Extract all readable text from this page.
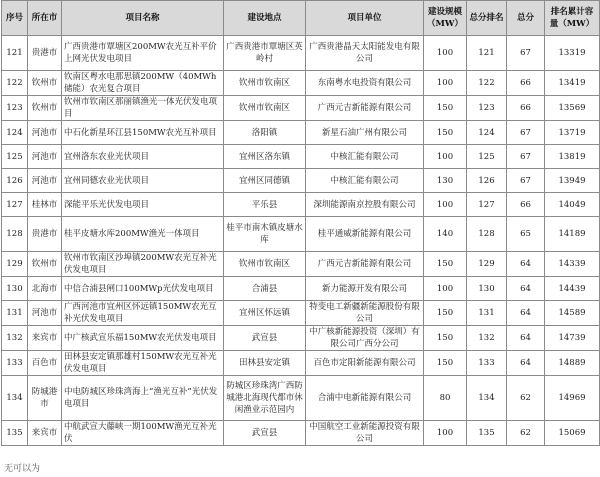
序号	所在市	项目名称	建设地点	项目单位	建设规模（MW）	总分排名	总分	排名累计容量（MW）
121	贵港市	广西贵港市覃塘区200MW农光互补平价上网光伏发电项目	广西贵港市覃塘区英岭村	广西贵港晶天太阳能发电有限公司	100	121	67	13319
122	钦州市	钦南区粤水电那思镇200MW（40MWh储能）农光复合项目	钦州市钦南区	东南粤水电投资有限公司	100	122	66	13419
123	钦州市	钦州市钦南区那丽镇渔光一体光伏发电项目	钦州市钦南区	广西元吉新能源有限公司	150	123	66	13569
124	河池市	中石化新星环江县150MW农光互补项目	洛阳镇	新星石油广州有限公司	150	124	67	13719
125	河池市	宜州洛东农业光伏项目	宜州区洛东镇	中核汇能有限公司	100	125	67	13819
126	河池市	宜州同德农业光伏项目	宜州区同德镇	中核汇能有限公司	130	126	67	13949
127	桂林市	深能平乐光伏发电项目	平乐县	深圳能源南京控股有限公司	100	127	66	14049
128	贵港市	桂平皮塘水库200MW渔光一体项目	桂平市南木镇皮塘水库	桂平通威新能源有限公司	140	128	65	14189
129	钦州市	钦州市钦南区沙埠镇200MW农光互补光伏发电项目	钦州市钦南区	广西元吉新能源有限公司	150	129	64	14339
130	北海市	中信合浦县闸口100MWp光伏发电项目	合浦县	新力能源开发有限公司	100	130	64	14439
131	河池市	广西河池市宜州区怀远镇150MW农光互补光伏发电项目	宜州区怀远镇	特变电工新疆新能源股份有限公司	150	131	64	14589
132	来宾市	中广核武宣乐福150MW农光伏发电项目	武宣县	中广核新能源投资（深圳）有限公司广西分公司	150	132	64	14739
133	百色市	田林县安定镇那雄村150MW农光互补光伏发电项目	田林县安定镇	百色市定阳新能源有限公司	150	133	64	14889
134	防城港市	中电防城区珍珠湾海上“渔光互补”光伏发电项目	防城区珍珠湾广西防城港北海现代都市休闲渔业示范园内	合浦中电新能源有限公司	80	134	62	14969
135	来宾市	中航武宣大藤峡一期100MW渔光互补光伏	武宣县	中国航空工业新能源投资有限公司	100	135	62	15069
无可以为
